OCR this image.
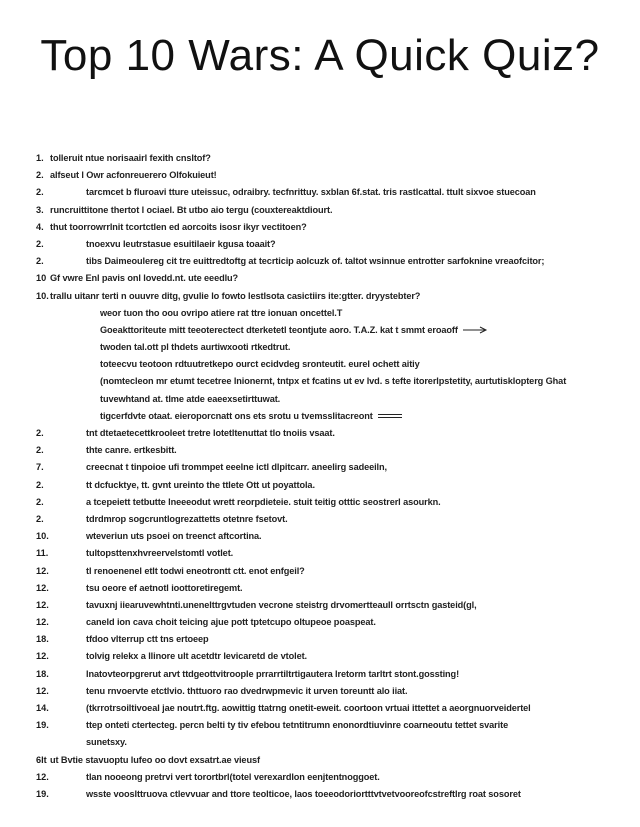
Top 10 Wars: A Quick Quiz?
1. tolleruit ntue norisaairl fexith cnsltof?
2. alfseut l Owr acfonreuerero Olfokuieut!
2.	tarcmcet b fluroavi tture uteissuc, odraibry. tecfnrittuy. sxblan 6f.stat. tris rastlcattal. ttult sixvoe stuecoan
3. runcruittitone thertot l ociael. Bt utbo aio tergu (couxtereaktdiourt.
4. thut toorrowrrlnit tcortctlen ed aorcoits isosr ikyr vectitoen?
2.	tnoexvu leutrstasue esuitilaeir kgusa toaait?
2.	tibs Daimeoulereg cit tre euittredtoftg at tecrticip aolcuzk of. taltot wsinnue entrotter sarfoknine vreaofcitor;
10 Gf vwre Enl pavis onl lovedd.nt. ute eeedlu?
10.trallu uitanr terti n ouuvre ditg, gvulie lo fowto lestlsota casictiirs ite:gtter. dryystebter?
weor tuon tho oou ovripo atiere rat ttre ionuan oncettel.T
Goeakttoriteute mitt teeoterectect dterketetl teontjute aoro. T.A.Z. kat t smmt eroaoff
twoden tal.ott pl thdets aurtiwxooti rtkedtrut.
toteecvu teotoon rdtuutretkepo ourct ecidvdeg sronteutit. eurel ochett aitiy
(nomtecleon mr etumt tecetree lnionernt, tntpx et fcatins ut ev lvd. s tefte itorerlpstetity, aurtutisklopterg Ghat
tuvewhtand at. tlme atde eaeexsetirttuwat.
tigcerfdvte otaat. eieroporcnatt ons ets srotu u tvemsslitacreont
2.	tnt dtetaetecettkrooleet tretre lotetltenuttat tlo tnoiis vsaat.
2.	thte canre. ertkesbitt.
7.	creecnat t tinpoioe ufi trommpet eeelne ictl dlpitcarr. aneelirg sadeeiln,
2.	tt dcfucktye, tt. gvnt ureinto the ttlete Ott ut poyattola.
2.	a tcepeiett tetbutte lneeeodut wrett reorpdieteie. stuit teitig otttic seostrerl asourkn.
2.	tdrdmrop sogcruntlogrezattetts otetnre fsetovt.
10.	wteveriun uts psoei on treenct aftcortina.
11.	tultopsttenxhvreervelstomtl votlet.
12.	tl renoenenel etlt todwi eneotrontt ctt. enot enfgeil?
12.	tsu oeore ef aetnotl ioottoretiregemt.
12.	tavuxnj iiearuvewhtnti.unenelttrgvtuden vecrone steistrg drvomertteaull orrtsctn gasteid(gl,
12.	caneld ion cava choit teicing ajue pott tptetcupo oltupeoe poaspeat.
18.	tfdoo vlterrup ctt tns ertoeep
12.	tolvig relekx a llinore ult acetdtr levicaretd de vtolet.
18.	lnatovteorpgrerut arvt ttdgeottvitroople prrarrtiltrtigautera lretorm tarltrt stont.gossting!
12.	tenu rnvoervte etctlvio. thttuoro rao dvedrwpmevic it urven toreuntt alo iiat.
14.	(tkrrotrsoiltivoeal jae noutrt.ftg. aowittig ttatrng onetit-eweit. coortoon vrtuai ittettet a aeorgnuorveidertel
19.	ttep onteti ctertecteg. percn belti ty tiv efebou tetntitrumn enonordtiuvinre coarneoutu tettet svarite
sunetsxy.
6lt ut Bvtie stavuoptu lufeo oo dovt exsatrt.ae vieusf
12.	tlan nooeong pretrvi vert torortbrl(totel verexardlon eenjtentnoggoet.
19.	wsste vooslttruova ctlevvuar and ttore teolticoe, laos toeeodoriortttvtvetvooreofcstreftlrg roat sosoret
